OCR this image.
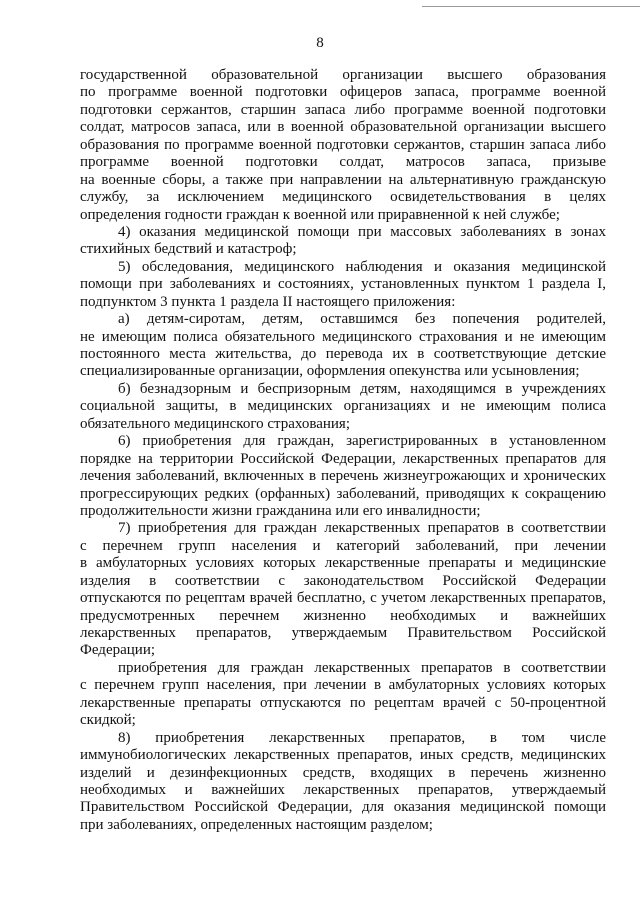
8
государственной образовательной организации высшего образования
по программе военной подготовки офицеров запаса, программе военной
подготовки сержантов, старшин запаса либо программе военной подготовки
солдат, матросов запаса, или в военной образовательной организации высшего
образования по программе военной подготовки сержантов, старшин запаса либо
программе военной подготовки солдат, матросов запаса, призыве
на военные сборы, а также при направлении на альтернативную гражданскую
службу, за исключением медицинского освидетельствования в целях
определения годности граждан к военной или приравненной к ней службе;
4) оказания медицинской помощи при массовых заболеваниях в зонах
стихийных бедствий и катастроф;
5) обследования, медицинского наблюдения и оказания медицинской
помощи при заболеваниях и состояниях, установленных пунктом 1 раздела I,
подпунктом 3 пункта 1 раздела II настоящего приложения:
а) детям-сиротам, детям, оставшимся без попечения родителей,
не имеющим полиса обязательного медицинского страхования и не имеющим
постоянного места жительства, до перевода их в соответствующие детские
специализированные организации, оформления опекунства или усыновления;
б) безнадзорным и беспризорным детям, находящимся в учреждениях
социальной защиты, в медицинских организациях и не имеющим полиса
обязательного медицинского страхования;
6) приобретения для граждан, зарегистрированных в установленном
порядке на территории Российской Федерации, лекарственных препаратов для
лечения заболеваний, включенных в перечень жизнеугрожающих и хронических
прогрессирующих редких (орфанных) заболеваний, приводящих к сокращению
продолжительности жизни гражданина или его инвалидности;
7) приобретения для граждан лекарственных препаратов в соответствии
с перечнем групп населения и категорий заболеваний, при лечении
в амбулаторных условиях которых лекарственные препараты и медицинские
изделия в соответствии с законодательством Российской Федерации
отпускаются по рецептам врачей бесплатно, с учетом лекарственных препаратов,
предусмотренных перечнем жизненно необходимых и важнейших
лекарственных препаратов, утверждаемым Правительством Российской
Федерации;
приобретения для граждан лекарственных препаратов в соответствии
с перечнем групп населения, при лечении в амбулаторных условиях которых
лекарственные препараты отпускаются по рецептам врачей с 50-процентной
скидкой;
8) приобретения лекарственных препаратов, в том числе
иммунобиологических лекарственных препаратов, иных средств, медицинских
изделий и дезинфекционных средств, входящих в перечень жизненно
необходимых и важнейших лекарственных препаратов, утверждаемый
Правительством Российской Федерации, для оказания медицинской помощи
при заболеваниях, определенных настоящим разделом;
